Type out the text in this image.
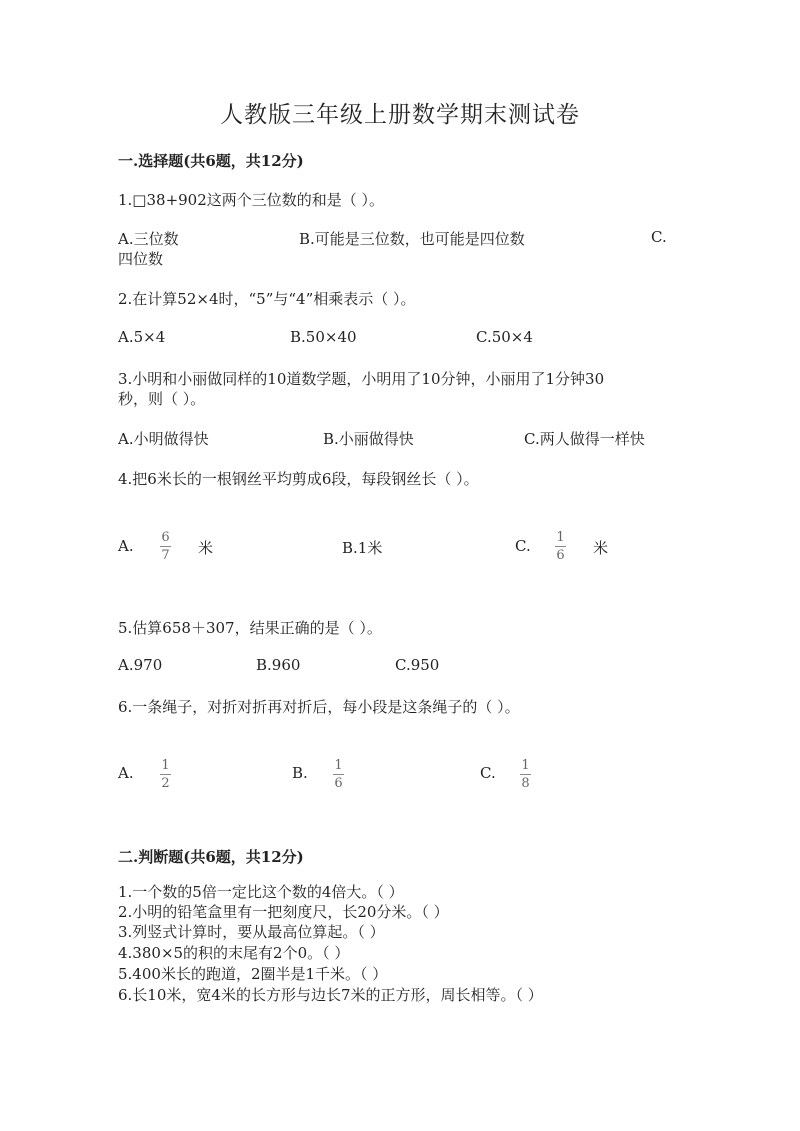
人教版三年级上册数学期末测试卷
一.选择题(共6题，共12分)
1.□38+902这两个三位数的和是（ ）。
A.三位数	B.可能是三位数，也可能是四位数	C.
四位数
2.在计算52×4时，“5”与“4”相乘表示（ ）。
A.5×4	B.50×40	C.50×4
3.小明和小丽做同样的10道数学题，小明用了10分钟，小丽用了1分钟30
秒，则（ ）。
A.小明做得快	B.小丽做得快	C.两人做得一样快
4.把6米长的一根钢丝平均剪成6段，每段钢丝长（ ）。
A. 6
7 米	B.1米	C. 1
6 米
5.估算658＋307，结果正确的是（ ）。
A.970	B.960	C.950
6.一条绳子，对折对折再对折后，每小段是这条绳子的（ ）。
A. 1
2
B. 1
6
C. 1
8
二.判断题(共6题，共12分)
1.一个数的5倍一定比这个数的4倍大。（ ）
2.小明的铅笔盒里有一把刻度尺，长20分米。（ ）
3.列竖式计算时，要从最高位算起。（ ）
4.380×5的积的末尾有2个0。（ ）
5.400米长的跑道，2圈半是1千米。（ ）
6.长10米，宽4米的长方形与边长7米的正方形，周长相等。（ ）
